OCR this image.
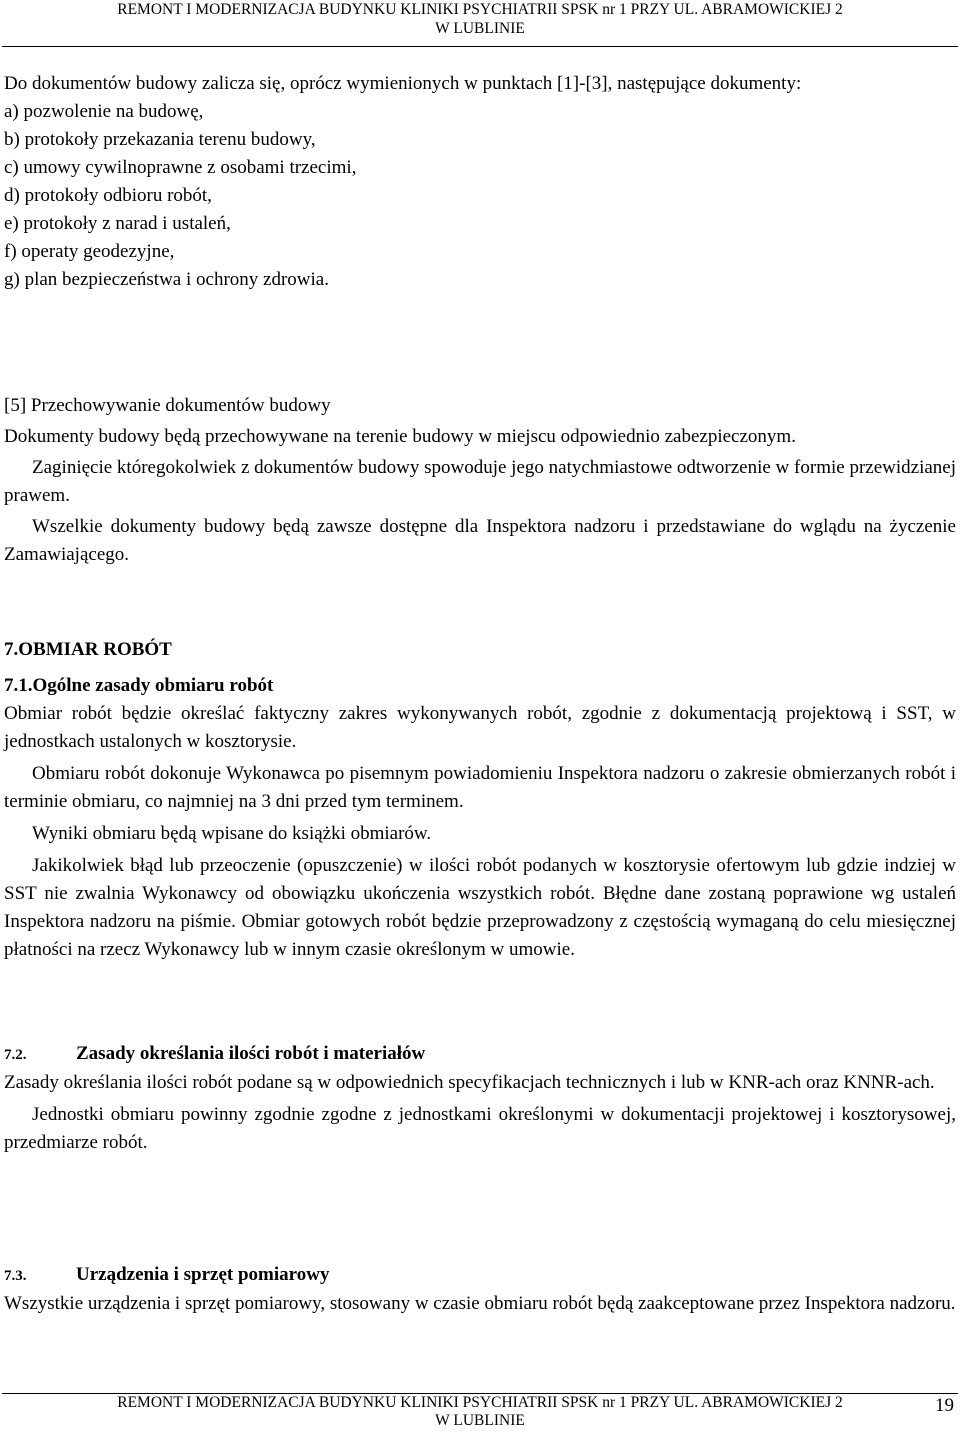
REMONT I MODERNIZACJA BUDYNKU KLINIKI PSYCHIATRII SPSK nr 1 PRZY UL. ABRAMOWICKIEJ 2
W LUBLINIE

Do dokumentów budowy zalicza się, oprócz wymienionych w punktach [1]-[3], następujące dokumenty:

a) pozwolenie na budowę,
b) protokoły przekazania terenu budowy,
c) umowy cywilnoprawne z osobami trzecimi,
d) protokoły odbioru robót,
e) protokoły z narad i ustaleń,
f) operaty geodezyjne,
g) plan bezpieczeństwa i ochrony zdrowia.
[5] Przechowywanie dokumentów budowy

Dokumenty budowy będą przechowywane na terenie budowy w miejscu odpowiednio zabezpieczonym.

Zaginięcie któregokolwiek z dokumentów budowy spowoduje jego natychmiastowe odtworzenie w formie przewidzianej prawem.

Wszelkie dokumenty budowy będą zawsze dostępne dla Inspektora nadzoru i przedstawiane do wglądu na życzenie Zamawiającego.

7.OBMIAR ROBÓT
7.1.Ogólne zasady obmiaru robót

Obmiar robót będzie określać faktyczny zakres wykonywanych robót, zgodnie z dokumentacją projektową i SST, w jednostkach ustalonych w kosztorysie.

Obmiaru robót dokonuje Wykonawca po pisemnym powiadomieniu Inspektora nadzoru o zakresie obmierzanych robót i terminie obmiaru, co najmniej na 3 dni przed tym terminem.

Wyniki obmiaru będą wpisane do książki obmiarów.

Jakikolwiek błąd lub przeoczenie (opuszczenie) w ilości robót podanych w kosztorysie ofertowym lub gdzie indziej w SST nie zwalnia Wykonawcy od obowiązku ukończenia wszystkich robót. Błędne dane zostaną poprawione wg ustaleń Inspektora nadzoru na piśmie. Obmiar gotowych robót będzie przeprowadzony z częstością wymaganą do celu miesięcznej płatności na rzecz Wykonawcy lub w innym czasie określonym w umowie.

7.2.	Zasady określania ilości robót i materiałów

Zasady określania ilości robót podane są w odpowiednich specyfikacjach technicznych i lub w KNR-ach oraz KNNR-ach.

Jednostki obmiaru powinny zgodnie zgodne z jednostkami określonymi w dokumentacji projektowej i kosztorysowej, przedmiarze robót.

7.3.	Urządzenia i sprzęt pomiarowy

Wszystkie urządzenia i sprzęt pomiarowy, stosowany w czasie obmiaru robót będą zaakceptowane przez Inspektora nadzoru.

REMONT I MODERNIZACJA BUDYNKU KLINIKI PSYCHIATRII SPSK nr 1 PRZY UL. ABRAMOWICKIEJ 2
W LUBLINIE
19
